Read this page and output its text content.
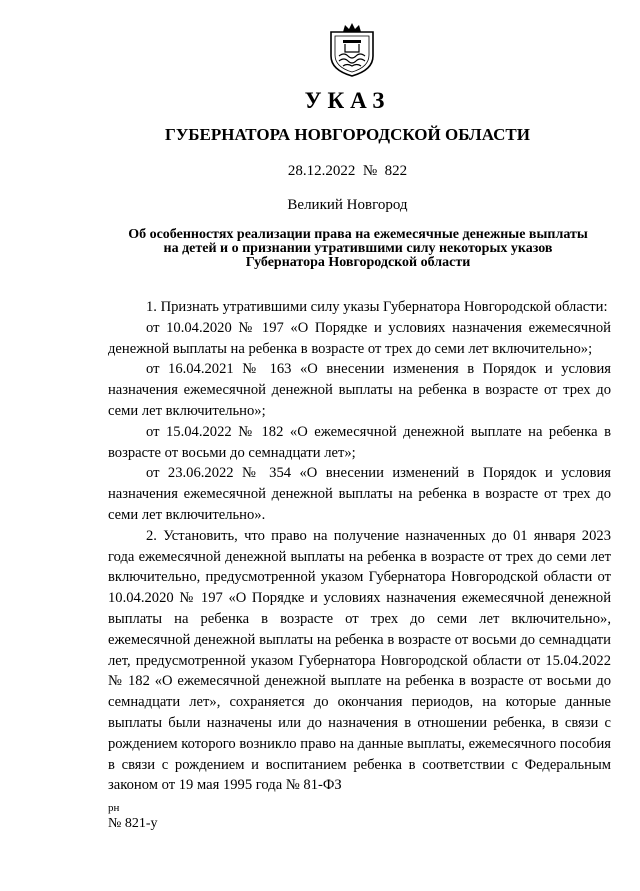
УКАЗ
ГУБЕРНАТОРА НОВГОРОДСКОЙ ОБЛАСТИ
28.12.2022 № 822
Великий Новгород
Об особенностях реализации права на ежемесячные денежные выплаты
на детей и о признании утратившими силу некоторых указов
Губернатора Новгородской области

1. Признать утратившими силу указы Губернатора Новгородской области:

от 10.04.2020 № 197 «О Порядке и условиях назначения ежемесячной денежной выплаты на ребенка в возрасте от трех до семи лет включительно»;

от 16.04.2021 № 163 «О внесении изменения в Порядок и условия назначения ежемесячной денежной выплаты на ребенка в возрасте от трех до семи лет включительно»;

от 15.04.2022 № 182 «О ежемесячной денежной выплате на ребенка в возрасте от восьми до семнадцати лет»;

от 23.06.2022 № 354 «О внесении изменений в Порядок и условия назначения ежемесячной денежной выплаты на ребенка в возрасте от трех до семи лет включительно».

2. Установить, что право на получение назначенных до 01 января 2023 года ежемесячной денежной выплаты на ребенка в возрасте от трех до семи лет включительно, предусмотренной указом Губернатора Новгородской области от 10.04.2020 № 197 «О Порядке и условиях назначения ежемесячной денежной выплаты на ребенка в возрасте от трех до семи лет включительно», ежемесячной денежной выплаты на ребенка в возрасте от восьми до семнадцати лет, предусмотренной указом Губернатора Новгородской области от 15.04.2022 № 182 «О ежемесячной денежной выплате на ребенка в возрасте от восьми до семнадцати лет», сохраняется до окончания периодов, на которые данные выплаты были назначены или до назначения в отношении ребенка, в связи с рождением которого возникло право на данные выплаты, ежемесячного пособия в связи с рождением и воспитанием ребенка в соответствии с Федеральным законом от 19 мая 1995 года № 81-ФЗ

рн
№ 821-у
